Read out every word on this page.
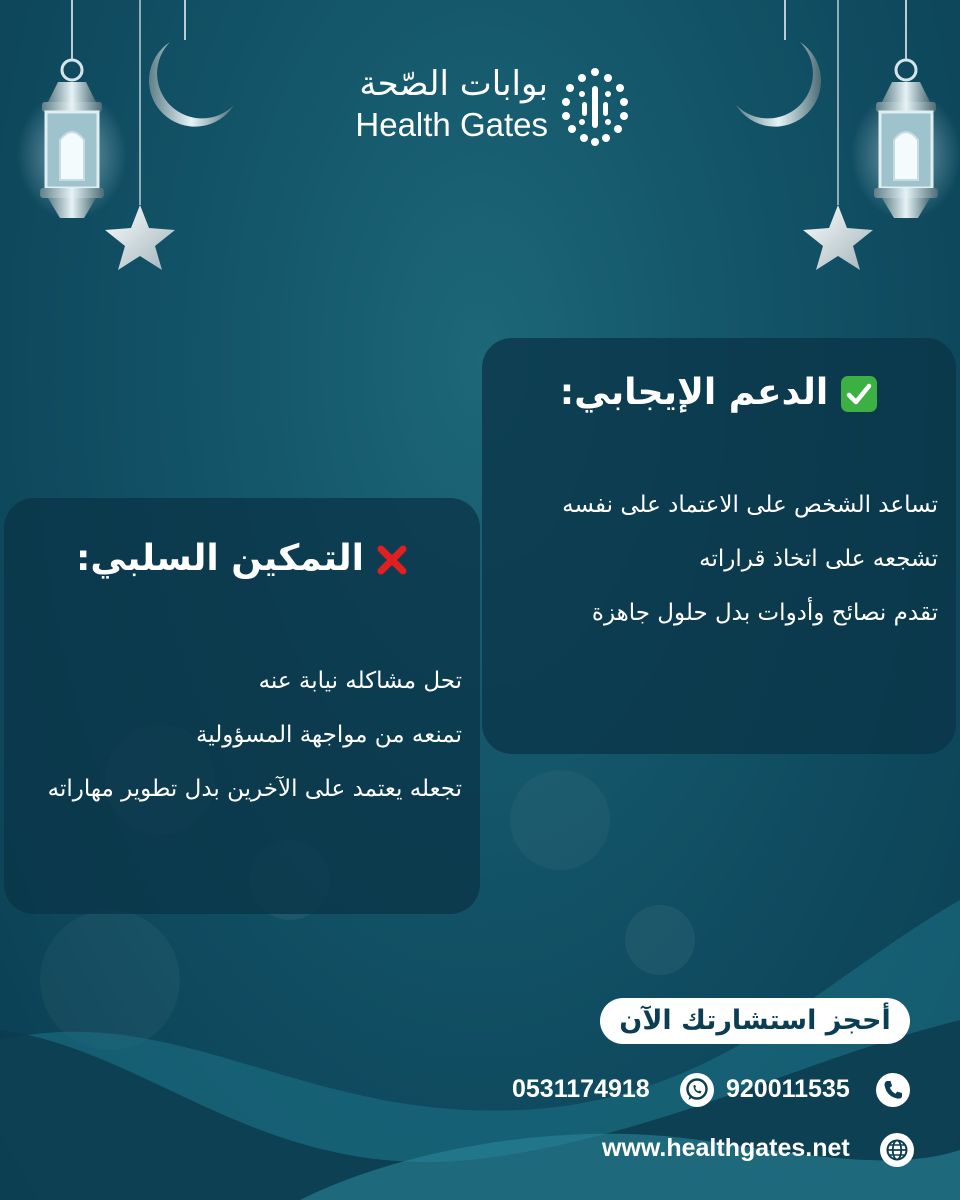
بوابات الصّحة
Health Gates
الدعم الإيجابي:
تساعد الشخص على الاعتماد على نفسه
تشجعه على اتخاذ قراراته
تقدم نصائح وأدوات بدل حلول جاهزة
التمكين السلبي:
تحل مشاكله نيابة عنه
تمنعه من مواجهة المسؤولية
تجعله يعتمد على الآخرين بدل تطوير مهاراته
أحجز استشارتك الآن
0531174918	920011535
www.healthgates.net
